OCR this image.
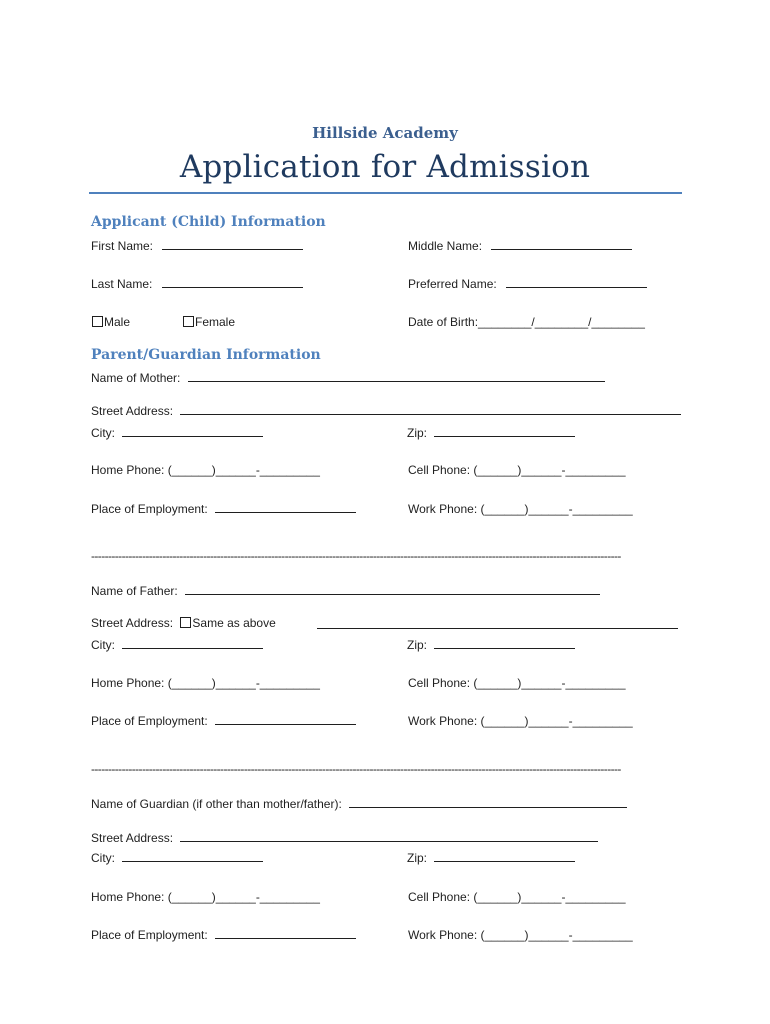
Hillside Academy
Application for Admission
Applicant (Child) Information
First Name:	Middle Name:
Last Name:	Preferred Name:
Male	Female	Date of Birth:________/________/________
Parent/Guardian Information
Name of Mother:
Street Address:
City:	Zip:
Home Phone: (______)______-_________	Cell Phone: (______)______-_________
Place of Employment:	Work Phone: (______)______-_________
------------------------------------------------------------------------------------------------------------------------------------------------------------
Name of Father:
Street Address: Same as above
City:	Zip:
Home Phone: (______)______-_________	Cell Phone: (______)______-_________
Place of Employment:	Work Phone: (______)______-_________
------------------------------------------------------------------------------------------------------------------------------------------------------------
Name of Guardian (if other than mother/father):
Street Address:
City:	Zip:
Home Phone: (______)______-_________	Cell Phone: (______)______-_________
Place of Employment:	Work Phone: (______)______-_________
